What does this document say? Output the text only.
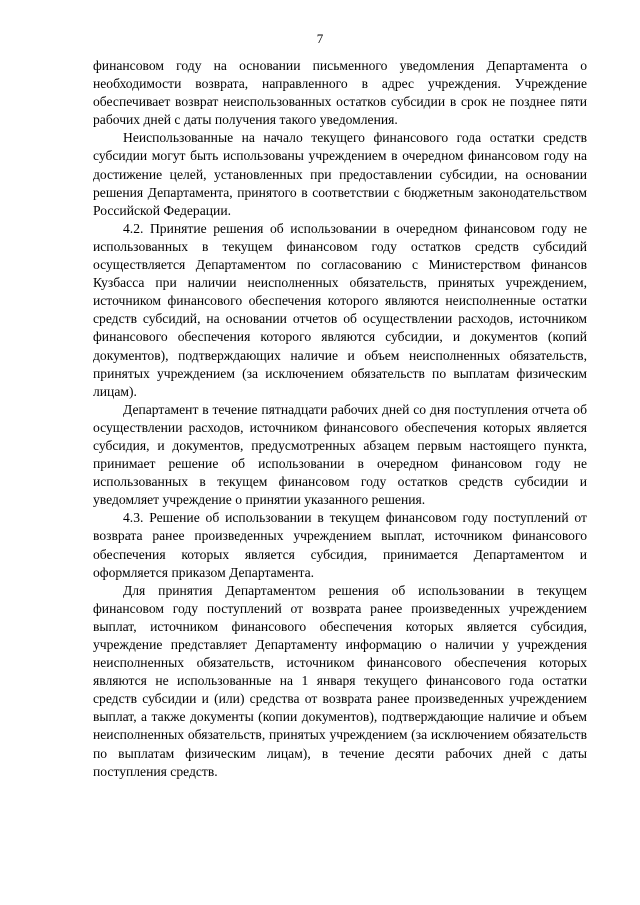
7

финансовом году на основании письменного уведомления Департамента о необходимости возврата, направленного в адрес учреждения. Учреждение обеспечивает возврат неиспользованных остатков субсидии в срок не позднее пяти рабочих дней с даты получения такого уведомления.

Неиспользованные на начало текущего финансового года остатки средств субсидии могут быть использованы учреждением в очередном финансовом году на достижение целей, установленных при предоставлении субсидии, на основании решения Департамента, принятого в соответствии с бюджетным законодательством Российской Федерации.

4.2. Принятие решения об использовании в очередном финансовом году не использованных в текущем финансовом году остатков средств субсидий осуществляется Департаментом по согласованию с Министерством финансов Кузбасса при наличии неисполненных обязательств, принятых учреждением, источником финансового обеспечения которого являются неисполненные остатки средств субсидий, на основании отчетов об осуществлении расходов, источником финансового обеспечения которого являются субсидии, и документов (копий документов), подтверждающих наличие и объем неисполненных обязательств, принятых учреждением (за исключением обязательств по выплатам физическим лицам).

Департамент в течение пятнадцати рабочих дней со дня поступления отчета об осуществлении расходов, источником финансового обеспечения которых является субсидия, и документов, предусмотренных абзацем первым настоящего пункта, принимает решение об использовании в очередном финансовом году не использованных в текущем финансовом году остатков средств субсидии и уведомляет учреждение о принятии указанного решения.

4.3. Решение об использовании в текущем финансовом году поступлений от возврата ранее произведенных учреждением выплат, источником финансового обеспечения которых является субсидия, принимается Департаментом и оформляется приказом Департамента.

Для принятия Департаментом решения об использовании в текущем финансовом году поступлений от возврата ранее произведенных учреждением выплат, источником финансового обеспечения которых является субсидия, учреждение представляет Департаменту информацию о наличии у учреждения неисполненных обязательств, источником финансового обеспечения которых являются не использованные на 1 января текущего финансового года остатки средств субсидии и (или) средства от возврата ранее произведенных учреждением выплат, а также документы (копии документов), подтверждающие наличие и объем неисполненных обязательств, принятых учреждением (за исключением обязательств по выплатам физическим лицам), в течение десяти рабочих дней с даты поступления средств.
